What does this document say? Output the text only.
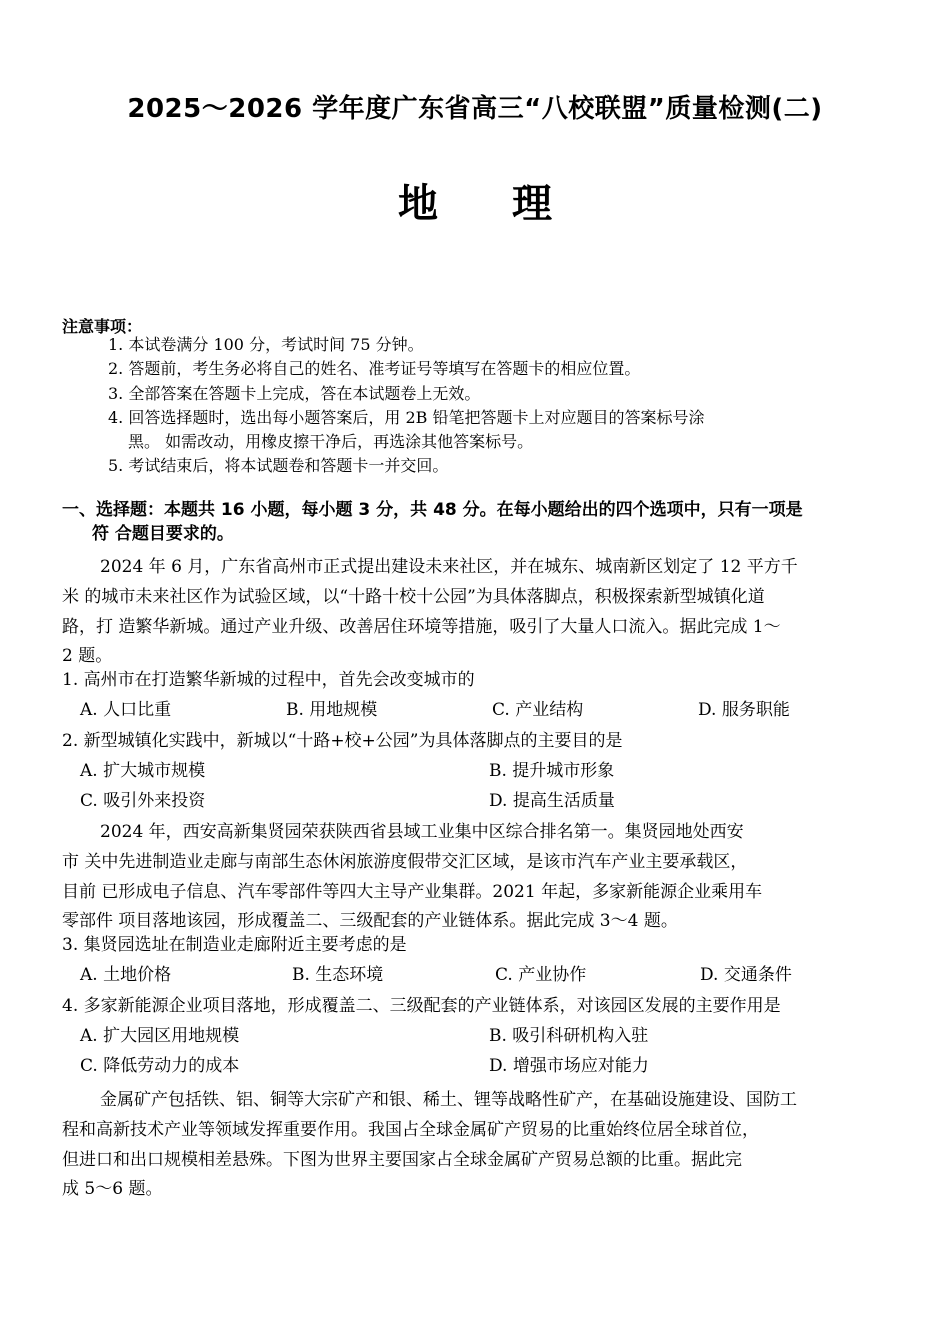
2025～2026 学年度广东省高三“八校联盟”质量检测(二)
地理
注意事项：
1. 本试卷满分 100 分，考试时间 75 分钟。
2. 答题前，考生务必将自己的姓名、准考证号等填写在答题卡的相应位置。
3. 全部答案在答题卡上完成，答在本试题卷上无效。
4. 回答选择题时，选出每小题答案后，用 2B 铅笔把答题卡上对应题目的答案标号涂
黑。 如需改动，用橡皮擦干净后，再选涂其他答案标号。
5. 考试结束后，将本试题卷和答题卡一并交回。
一、选择题：本题共 16 小题，每小题 3 分，共 48 分。在每小题给出的四个选项中，只有一项是
符 合题目要求的。
2024 年 6 月，广东省高州市正式提出建设未来社区，并在城东、城南新区划定了 12 平方千
米 的城市未来社区作为试验区域，以“十路十校十公园”为具体落脚点，积极探索新型城镇化道
路，打 造繁华新城。通过产业升级、改善居住环境等措施，吸引了大量人口流入。据此完成 1～
2 题。
1. 高州市在打造繁华新城的过程中，首先会改变城市的
A. 人口比重	B. 用地规模	C. 产业结构	D. 服务职能
2. 新型城镇化实践中，新城以“十路+校+公园”为具体落脚点的主要目的是
A. 扩大城市规模	B. 提升城市形象
C. 吸引外来投资	D. 提高生活质量
2024 年，西安高新集贤园荣获陕西省县域工业集中区综合排名第一。集贤园地处西安
市 关中先进制造业走廊与南部生态休闲旅游度假带交汇区域，是该市汽车产业主要承载区，
目前 已形成电子信息、汽车零部件等四大主导产业集群。2021 年起，多家新能源企业乘用车
零部件 项目落地该园，形成覆盖二、三级配套的产业链体系。据此完成 3～4 题。
3. 集贤园选址在制造业走廊附近主要考虑的是
A. 土地价格	B. 生态环境	C. 产业协作	D. 交通条件
4. 多家新能源企业项目落地，形成覆盖二、三级配套的产业链体系，对该园区发展的主要作用是
A. 扩大园区用地规模	B. 吸引科研机构入驻
C. 降低劳动力的成本	D. 增强市场应对能力
金属矿产包括铁、铝、铜等大宗矿产和银、稀土、锂等战略性矿产，在基础设施建设、国防工
程和高新技术产业等领域发挥重要作用。我国占全球金属矿产贸易的比重始终位居全球首位，
但进口和出口规模相差悬殊。下图为世界主要国家占全球金属矿产贸易总额的比重。据此完
成 5～6 题。
